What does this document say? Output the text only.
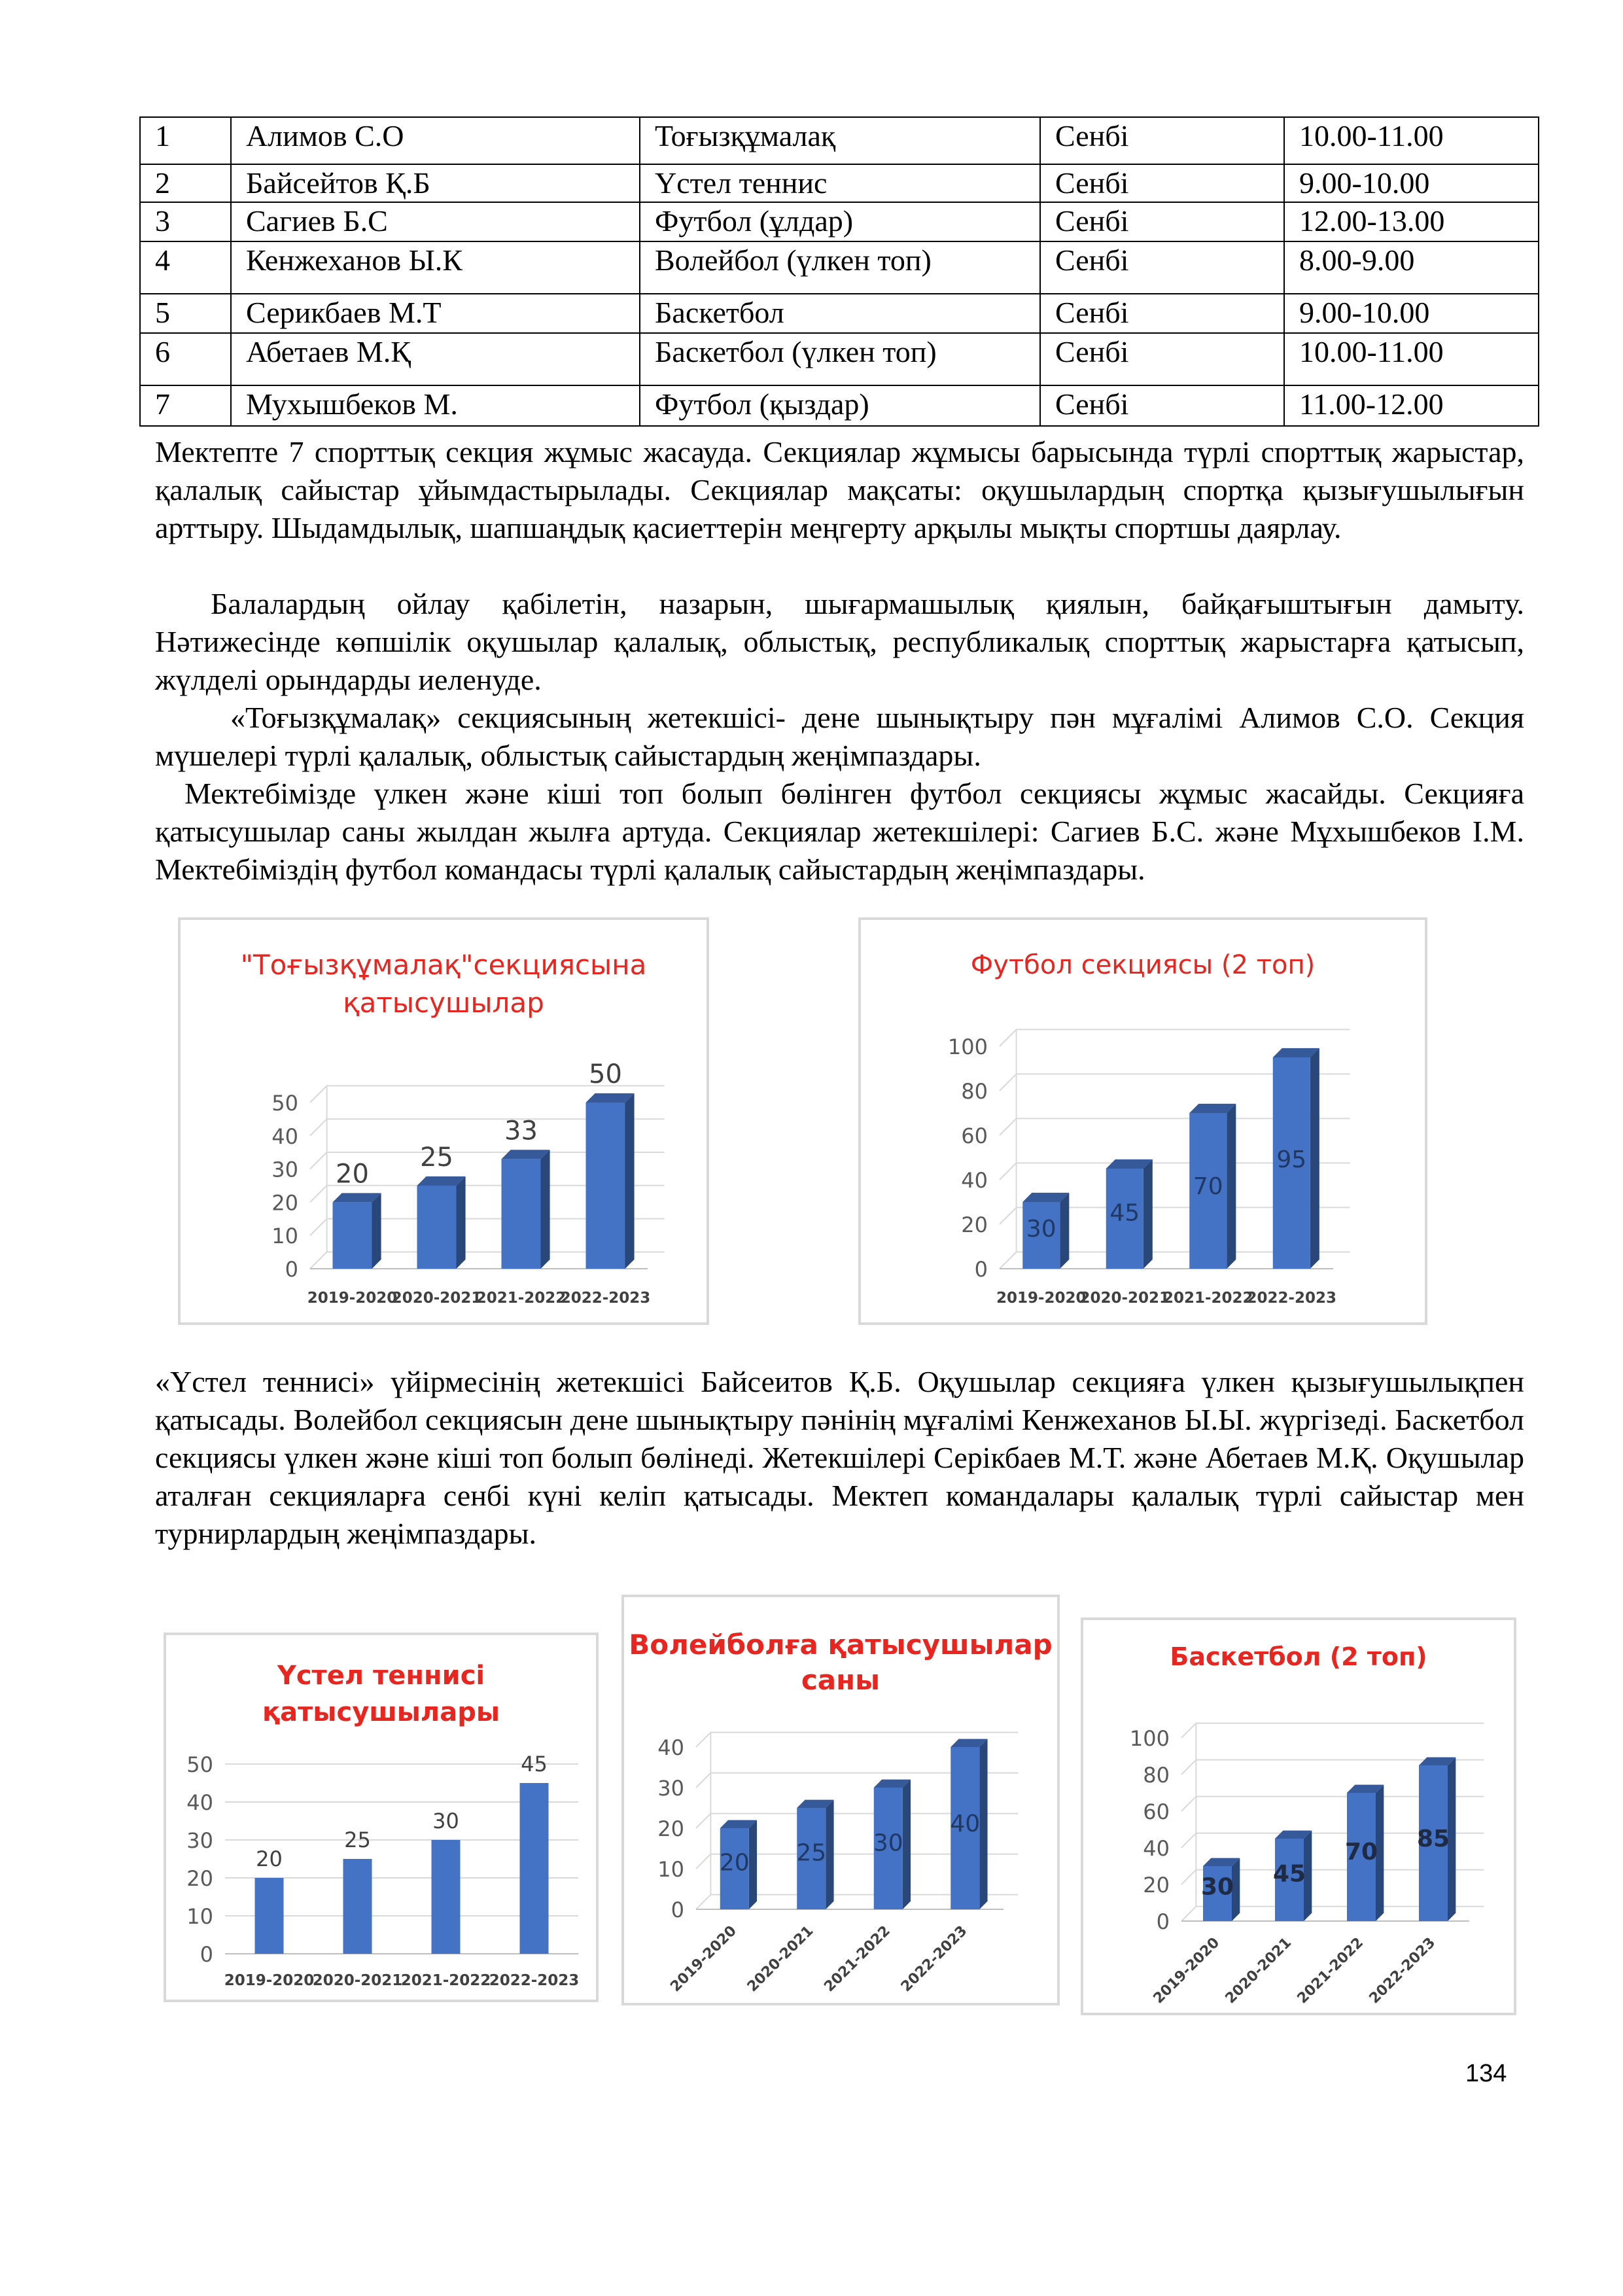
1	Алимов С.О	Тоғызқұмалақ	Сенбі	10.00-11.00
2	Байсейтов Қ.Б	Үстел теннис	Сенбі	9.00-10.00
3	Сагиев Б.С	Футбол (ұлдар)	Сенбі	12.00-13.00
4	Кенжеханов Ы.К	Волейбол (үлкен топ)	Сенбі	8.00-9.00
5	Серикбаев М.Т	Баскетбол	Сенбі	9.00-10.00
6	Абетаев М.Қ	Баскетбол (үлкен топ)	Сенбі	10.00-11.00
7	Мухышбеков М.	Футбол (қыздар)	Сенбі	11.00-12.00

Мектепте 7 спорттық секция жұмыс жасауда. Секциялар жұмысы барысында түрлі спорттық жарыстар, қалалық сайыстар ұйымдастырылады. Секциялар мақсаты: оқушылардың спортқа қызығушылығын арттыру. Шыдамдылық, шапшаңдық қасиеттерін меңгерту арқылы мықты спортшы даярлау.

Балалардың ойлау қабілетін, назарын, шығармашылық қиялын, байқағыштығын дамыту. Нәтижесінде көпшілік оқушылар қалалық, облыстық, республикалық спорттық жарыстарға қатысып, жүлделі орындарды иеленуде.

«Тоғызқұмалақ» секциясының жетекшісі- дене шынықтыру пән мұғалімі Алимов С.О. Секция мүшелері түрлі қалалық, облыстық сайыстардың жеңімпаздары.

Мектебімізде үлкен және кіші топ болып бөлінген футбол секциясы жұмыс жасайды. Секцияға қатысушылар саны жылдан жылға артуда. Секциялар жетекшілері: Сагиев Б.С. және Мұхышбеков І.М. Мектебіміздің футбол командасы түрлі қалалық сайыстардың жеңімпаздары.

«Үстел теннисі» үйірмесінің жетекшісі Байсеитов Қ.Б. Оқушылар секцияға үлкен қызығушылықпен қатысады. Волейбол секциясын дене шынықтыру пәнінің мұғалімі Кенжеханов Ы.Ы. жүргізеді. Баскетбол секциясы үлкен және кіші топ болып бөлінеді. Жетекшілері Серікбаев М.Т. және Абетаев М.Қ. Оқушылар аталған секцияларға сенбі күні келіп қатысады. Мектеп командалары қалалық түрлі сайыстар мен турнирлардың жеңімпаздары.

"Тоғызқұмалақ"секциясына қатысушылар
0
10
20
30
40
50
20
2019-2020
25
2020-2021
33
2021-2022
50
2022-2023
Футбол секциясы (2 топ)
0
20
40
60
80
100
30
2019-2020
45
2020-2021
70
2021-2022
95
2022-2023
Үстел теннисі қатысушылары
0
10
20
30
40
50
20
2019-2020
25
2020-2021
30
2021-2022
45
2022-2023
Волейболға қатысушылар саны
0
10
20
30
40
20
2019-2020
25
2020-2021
30
2021-2022
40
2022-2023
Баскетбол (2 топ)
0
20
40
60
80
100
30
2019-2020
45
2020-2021
70
2021-2022
85
2022-2023
134
